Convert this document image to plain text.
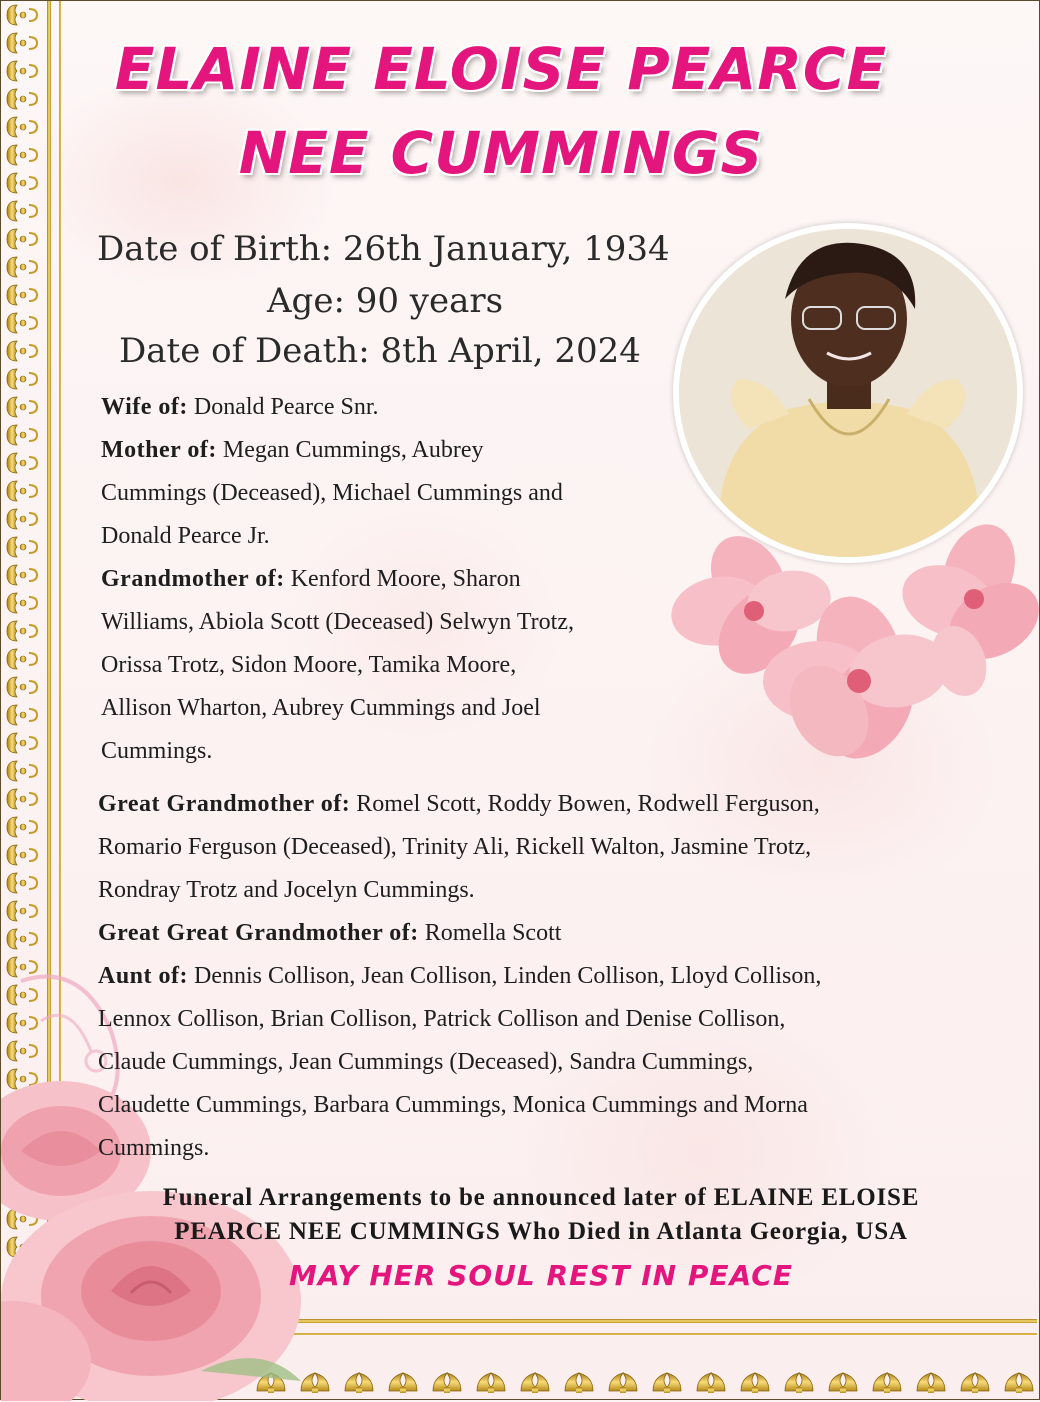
ELAINE ELOISE PEARCE
NEE CUMMINGS
Date of Birth: 26th January, 1934
Age: 90 years
Date of Death: 8th April, 2024
Wife of: Donald Pearce Snr.
Mother of: Megan Cummings, Aubrey
Cummings (Deceased), Michael Cummings and
Donald Pearce Jr.
Grandmother of: Kenford Moore, Sharon
Williams, Abiola Scott (Deceased) Selwyn Trotz,
Orissa Trotz, Sidon Moore, Tamika Moore,
Allison Wharton, Aubrey Cummings and Joel
Cummings.
Great Grandmother of: Romel Scott, Roddy Bowen, Rodwell Ferguson,
Romario Ferguson (Deceased), Trinity Ali, Rickell Walton, Jasmine Trotz,
Rondray Trotz and Jocelyn Cummings.
Great Great Grandmother of: Romella Scott
Aunt of: Dennis Collison, Jean Collison, Linden Collison, Lloyd Collison,
Lennox Collison, Brian Collison, Patrick Collison and Denise Collison,
Claude Cummings, Jean Cummings (Deceased), Sandra Cummings,
Claudette Cummings, Barbara Cummings, Monica Cummings and Morna
Cummings.
Funeral Arrangements to be announced later of ELAINE ELOISE
PEARCE NEE CUMMINGS Who Died in Atlanta Georgia, USA
MAY HER SOUL REST IN PEACE
